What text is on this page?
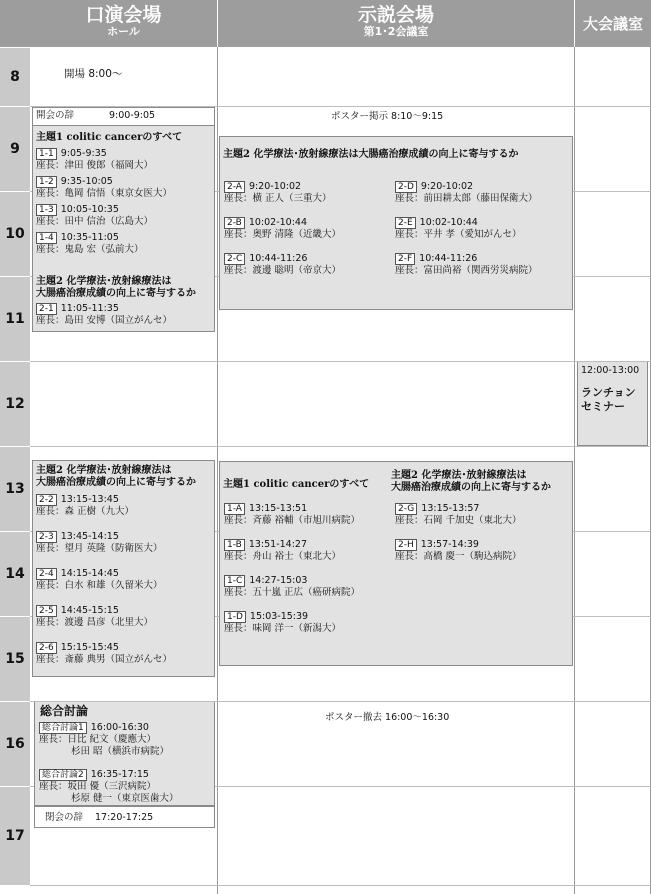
口演会場
ホール
示説会場
第1･2会議室	大会議室
8
9
10
11
12
13
14
15
16
17
開場 8:00～
開会の辞	9:00-9:05
主題1 colitic cancerのすべて
1-1 9:05-9:35
座長：津田 俊郎（福岡大）
1-2 9:35-10:05
座長：亀岡 信悟（東京女医大）
1-3 10:05-10:35
座長：田中 信治（広島大）
1-4 10:35-11:05
座長：鬼島 宏（弘前大）
主題2 化学療法･放射線療法は
大腸癌治療成績の向上に寄与するか
2-1 11:05-11:35
座長：島田 安博（国立がんセ）
ポスター掲示 8:10～9:15
主題2 化学療法･放射線療法は大腸癌治療成績の向上に寄与するか
2-A 9:20-10:02
座長：横 正人（三重大）
2-B 10:02-10:44
座長：奥野 清隆（近畿大）
2-C 10:44-11:26
座長：渡邊 聡明（帝京大）
2-D 9:20-10:02
座長：前田耕太郎（藤田保衛大）
2-E 10:02-10:44
座長：平井 孝（愛知がんセ）
2-F 10:44-11:26
座長：富田尚裕（関西労災病院）
12:00-13:00
ランチョン
セミナー
主題2 化学療法･放射線療法は
大腸癌治療成績の向上に寄与するか
2-2 13:15-13:45
座長：森 正樹（九大）
2-3 13:45-14:15
座長：望月 英隆（防衛医大）
2-4 14:15-14:45
座長：白水 和雄（久留米大）
2-5 14:45-15:15
座長：渡邊 昌彦（北里大）
2-6 15:15-15:45
座長：斎藤 典男（国立がんセ）
主題1 colitic cancerのすべて
主題2 化学療法･放射線療法は
大腸癌治療成績の向上に寄与するか
1-A 13:15-13:51
座長：斉藤 裕輔（市旭川病院）
1-B 13:51-14:27
座長：舟山 裕士（東北大）
1-C 14:27-15:03
座長：五十嵐 正広（癌研病院）
1-D 15:03-15:39
座長：味岡 洋一（新潟大）
2-G 13:15-13:57
座長：石岡 千加史（東北大）
2-H 13:57-14:39
座長：高橋 慶一（駒込病院）
ポスター撤去 16:00～16:30
総合討論
総合討論1 16:00-16:30
座長：日比 紀文（慶應大）
杉田 昭（横浜市病院）
総合討論2 16:35-17:15
座長：坂田 優（三沢病院）
杉原 健一（東京医歯大）
閉会の辞 17:20-17:25
